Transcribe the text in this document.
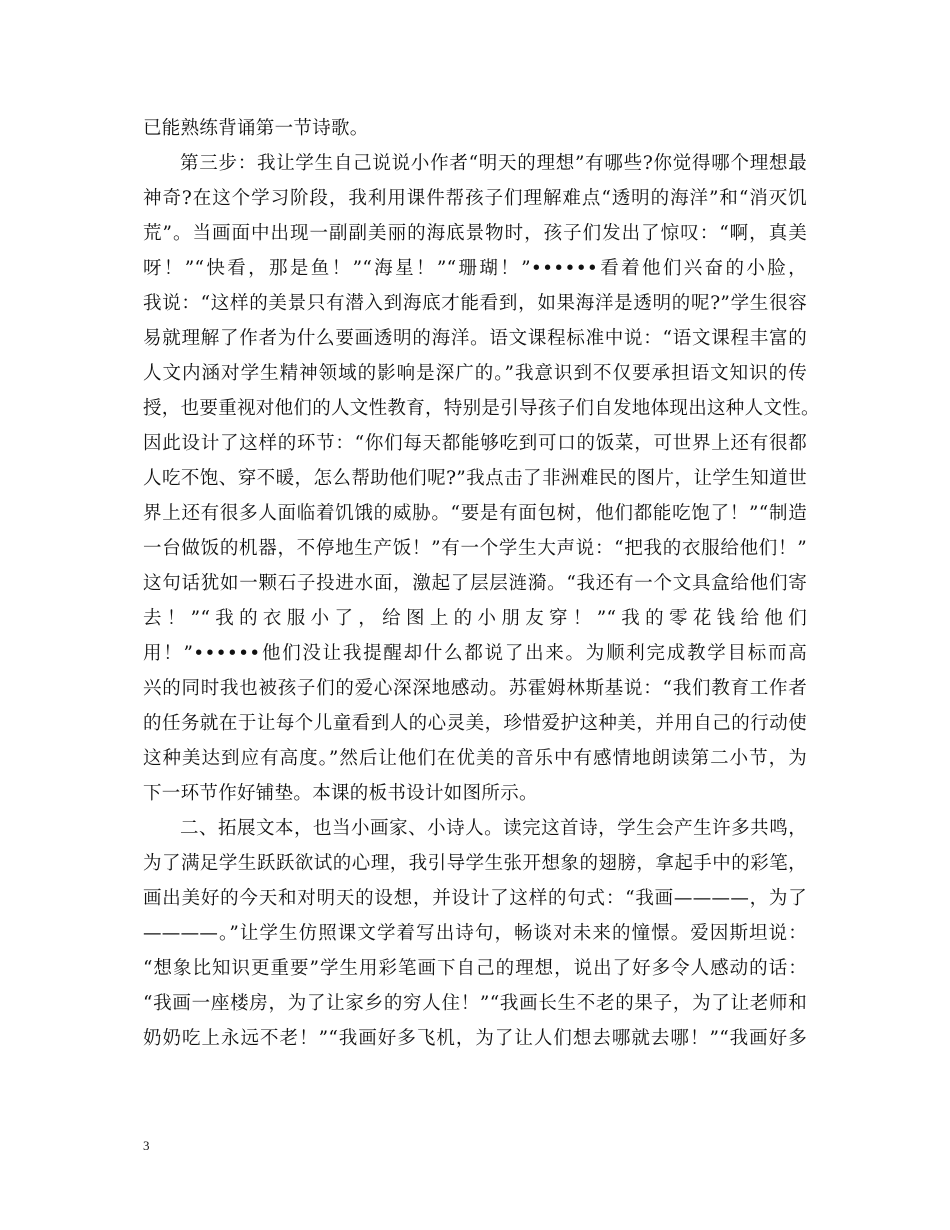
已能熟练背诵第一节诗歌。
第三步：我让学生自己说说小作者“明天的理想”有哪些?你觉得哪个理想最
神奇?在这个学习阶段，我利用课件帮孩子们理解难点“透明的海洋”和“消灭饥
荒”。当画面中出现一副副美丽的海底景物时，孩子们发出了惊叹：“啊，真美
呀！”“快看，那是鱼！”“海星！”“珊瑚！”••••••看着他们兴奋的小脸，
我说：“这样的美景只有潜入到海底才能看到，如果海洋是透明的呢?”学生很容
易就理解了作者为什么要画透明的海洋。语文课程标准中说：“语文课程丰富的
人文内涵对学生精神领域的影响是深广的。”我意识到不仅要承担语文知识的传
授，也要重视对他们的人文性教育，特别是引导孩子们自发地体现出这种人文性。
因此设计了这样的环节：“你们每天都能够吃到可口的饭菜，可世界上还有很都
人吃不饱、穿不暖，怎么帮助他们呢?”我点击了非洲难民的图片，让学生知道世
界上还有很多人面临着饥饿的威胁。“要是有面包树，他们都能吃饱了！”“制造
一台做饭的机器，不停地生产饭！”有一个学生大声说：“把我的衣服给他们！”
这句话犹如一颗石子投进水面，激起了层层涟漪。“我还有一个文具盒给他们寄
去！”“我的衣服小了，给图上的小朋友穿！”“我的零花钱给他们
用！”••••••他们没让我提醒却什么都说了出来。为顺利完成教学目标而高
兴的同时我也被孩子们的爱心深深地感动。苏霍姆林斯基说：“我们教育工作者
的任务就在于让每个儿童看到人的心灵美，珍惜爱护这种美，并用自己的行动使
这种美达到应有高度。”然后让他们在优美的音乐中有感情地朗读第二小节，为
下一环节作好铺垫。本课的板书设计如图所示。
二、拓展文本，也当小画家、小诗人。读完这首诗，学生会产生许多共鸣，
为了满足学生跃跃欲试的心理，我引导学生张开想象的翅膀，拿起手中的彩笔，
画出美好的今天和对明天的设想，并设计了这样的句式：“我画————，为了
————。”让学生仿照课文学着写出诗句，畅谈对未来的憧憬。爱因斯坦说：
“想象比知识更重要”学生用彩笔画下自己的理想，说出了好多令人感动的话：
“我画一座楼房，为了让家乡的穷人住！”“我画长生不老的果子，为了让老师和
奶奶吃上永远不老！”“我画好多飞机，为了让人们想去哪就去哪！”“我画好多
3
